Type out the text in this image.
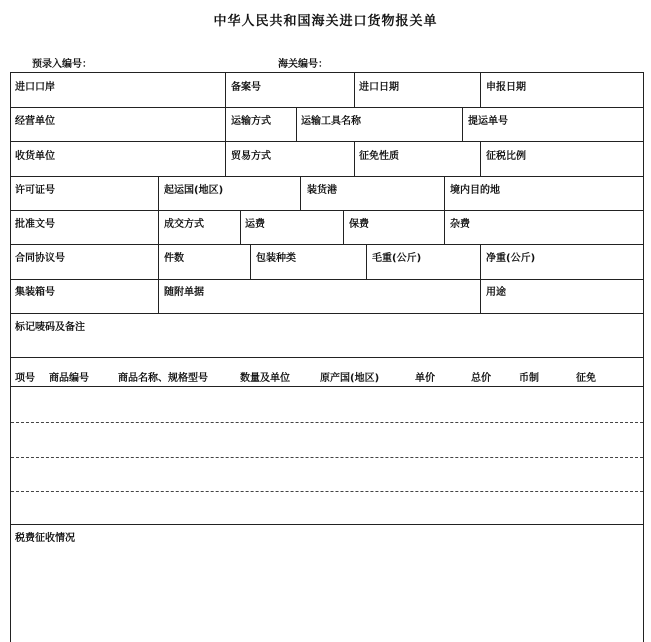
中华人民共和国海关进口货物报关单
预录入编号：	海关编号：
进口口岸	备案号	进口日期	申报日期
经营单位	运输方式	运输工具名称	提运单号
收货单位	贸易方式	征免性质	征税比例
许可证号	起运国(地区)	装货港	境内目的地
批准文号	成交方式	运费	保费	杂费
合同协议号	件数	包装种类	毛重(公斤)	净重(公斤)
集装箱号	随附单据	用途
标记唛码及备注
项号 商品编号	商品名称、规格型号	数量及单位	原产国(地区)	单价	总价	币制	征免
税费征收情况
